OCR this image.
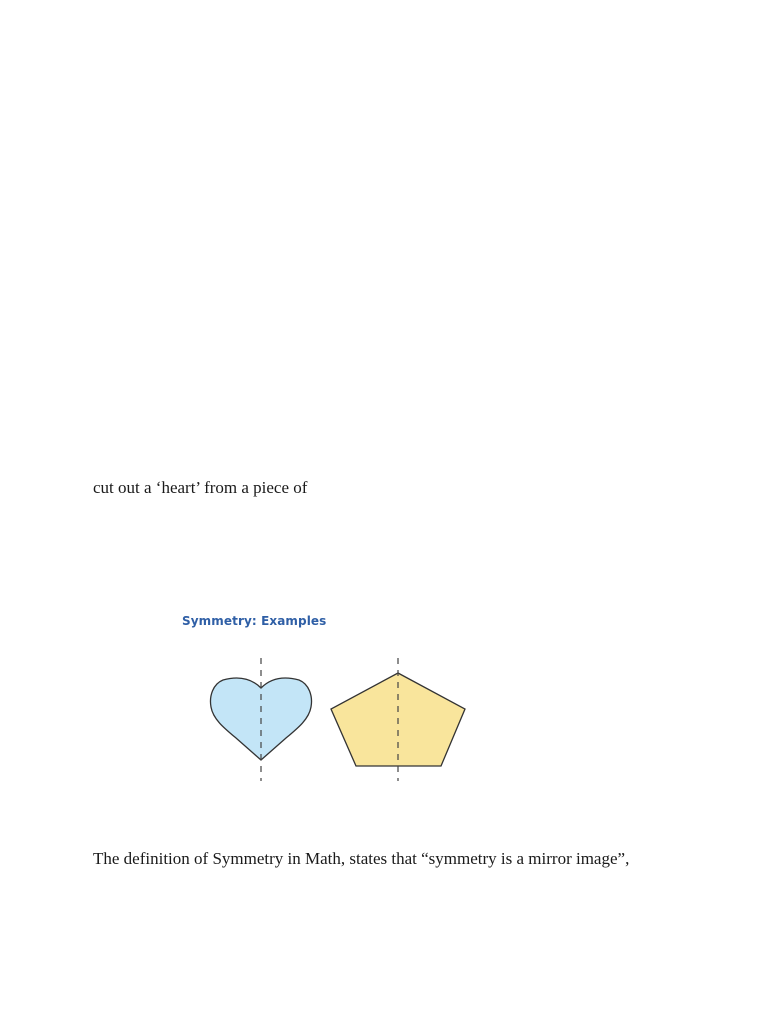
cut out a ‘heart’ from a piece of

Symmetry: Examples

The definition of Symmetry in Math, states that “symmetry is a mirror image”,
